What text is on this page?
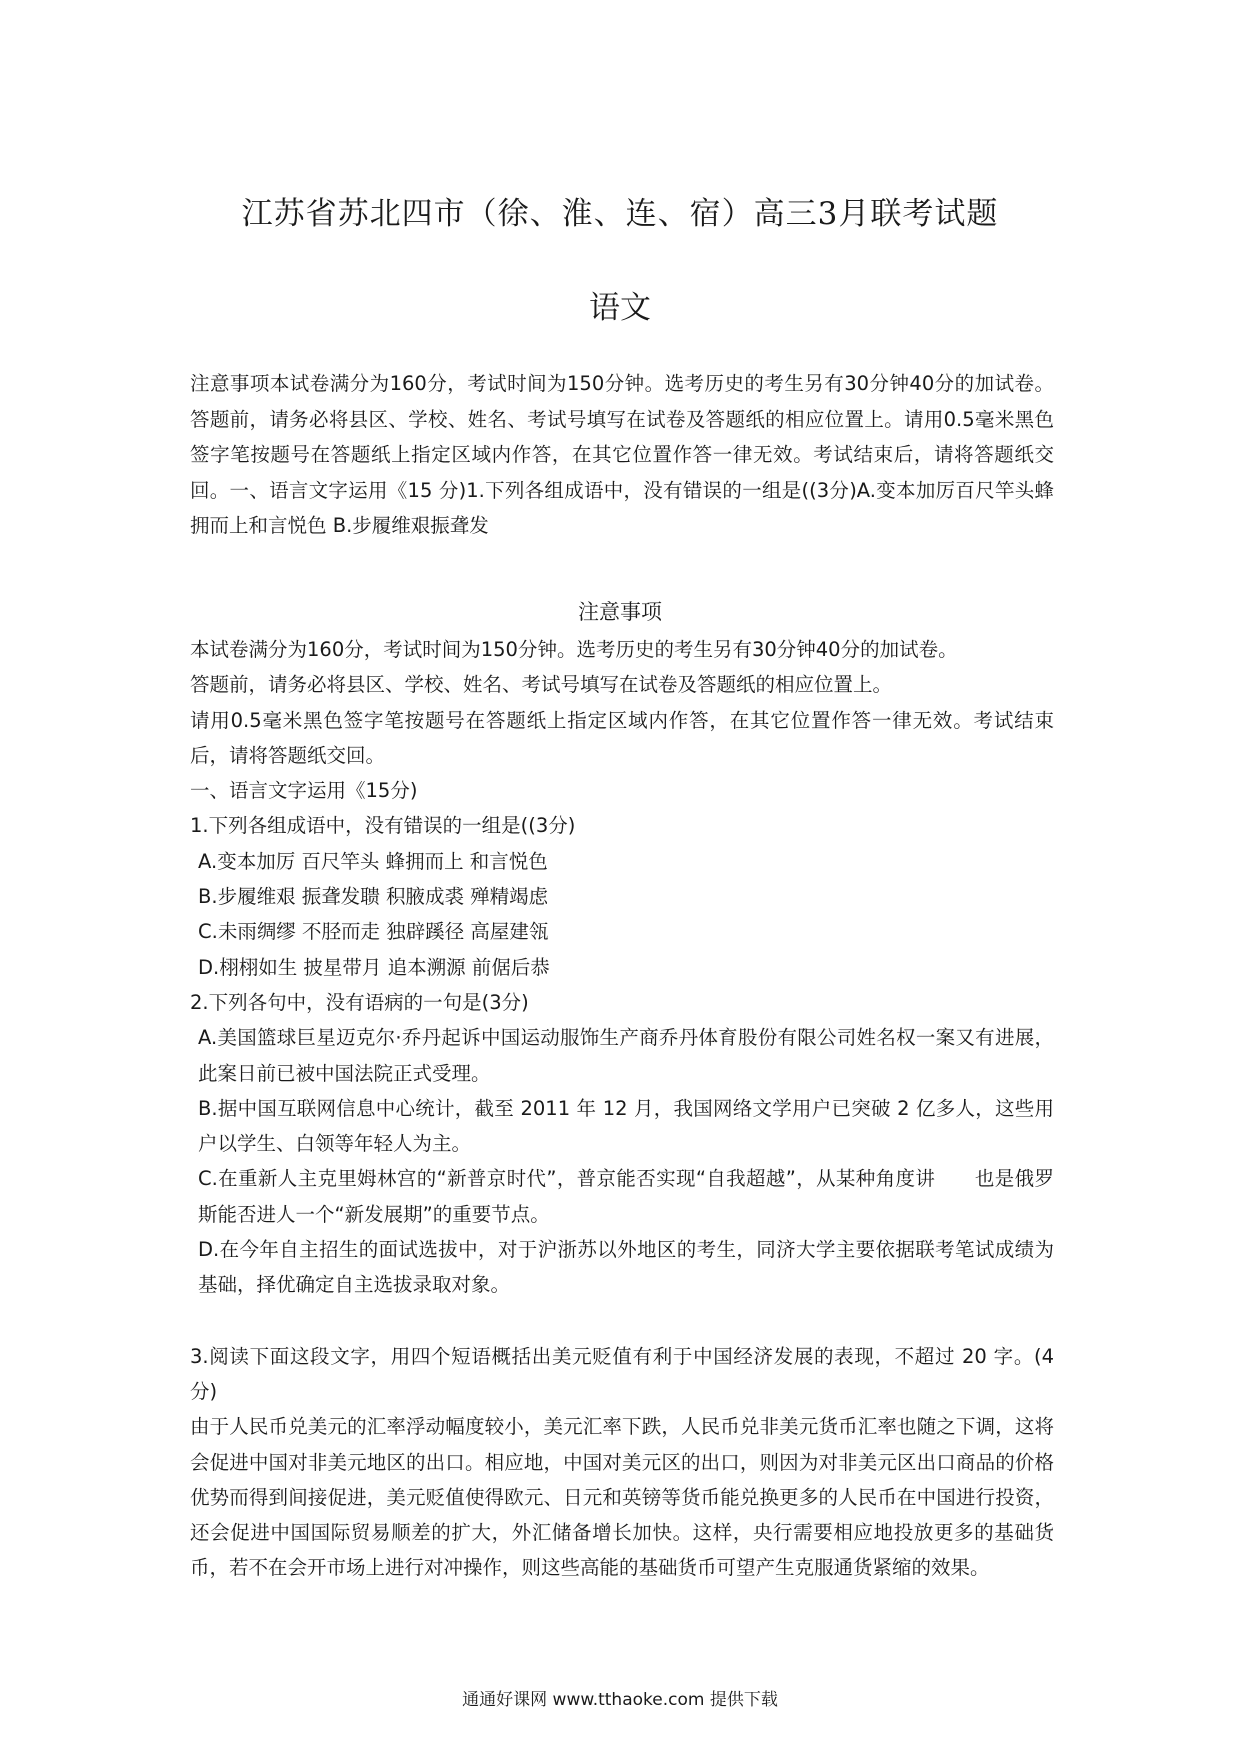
江苏省苏北四市（徐、淮、连、宿）高三3月联考试题
语文
注意事项本试卷满分为160分，考试时间为150分钟。选考历史的考生另有30分钟40分的加试卷。答题前，请务必将县区、学校、姓名、考试号填写在试卷及答题纸的相应位置上。请用0.5毫米黑色签字笔按题号在答题纸上指定区域内作答，在其它位置作答一律无效。考试结束后，请将答题纸交回。一、语言文字运用《15 分)1.下列各组成语中，没有错误的一组是((3分)A.变本加厉百尺竿头蜂拥而上和言悦色 B.步履维艰振聋发
注意事项
本试卷满分为160分，考试时间为150分钟。选考历史的考生另有30分钟40分的加试卷。
答题前，请务必将县区、学校、姓名、考试号填写在试卷及答题纸的相应位置上。
请用0.5毫米黑色签字笔按题号在答题纸上指定区域内作答，在其它位置作答一律无效。考试结束后，请将答题纸交回。
一、语言文字运用《15分)
1.下列各组成语中，没有错误的一组是((3分)
A.变本加厉 百尺竿头 蜂拥而上 和言悦色
B.步履维艰 振聋发聩 积腋成裘 殚精竭虑
C.未雨绸缪 不胫而走 独辟蹊径 高屋建瓴
D.栩栩如生 披星带月 追本溯源 前倨后恭
2.下列各句中，没有语病的一句是(3分)
A.美国篮球巨星迈克尔·乔丹起诉中国运动服饰生产商乔丹体育股份有限公司姓名权一案又有进展，此案日前已被中国法院正式受理。
B.据中国互联网信息中心统计，截至 2011 年 12 月，我国网络文学用户已突破 2 亿多人，这些用户以学生、白领等年轻人为主。
C.在重新人主克里姆林宫的“新普京时代”，普京能否实现“自我超越”，从某种角度讲　　也是俄罗斯能否进人一个“新发展期”的重要节点。
D.在今年自主招生的面试选拔中，对于沪浙苏以外地区的考生，同济大学主要依据联考笔试成绩为基础，择优确定自主选拔录取对象。
3.阅读下面这段文字，用四个短语概括出美元贬值有利于中国经济发展的表现，不超过 20 字。(4 分)
由于人民币兑美元的汇率浮动幅度较小，美元汇率下跌，人民币兑非美元货币汇率也随之下调，这将会促进中国对非美元地区的出口。相应地，中国对美元区的出口，则因为对非美元区出口商品的价格优势而得到间接促进，美元贬值使得欧元、日元和英镑等货币能兑换更多的人民币在中国进行投资，还会促进中国国际贸易顺差的扩大，外汇储备增长加快。这样，央行需要相应地投放更多的基础货币，若不在会开市场上进行对冲操作，则这些高能的基础货币可望产生克服通货紧缩的效果。
通通好课网 www.tthaoke.com 提供下载
